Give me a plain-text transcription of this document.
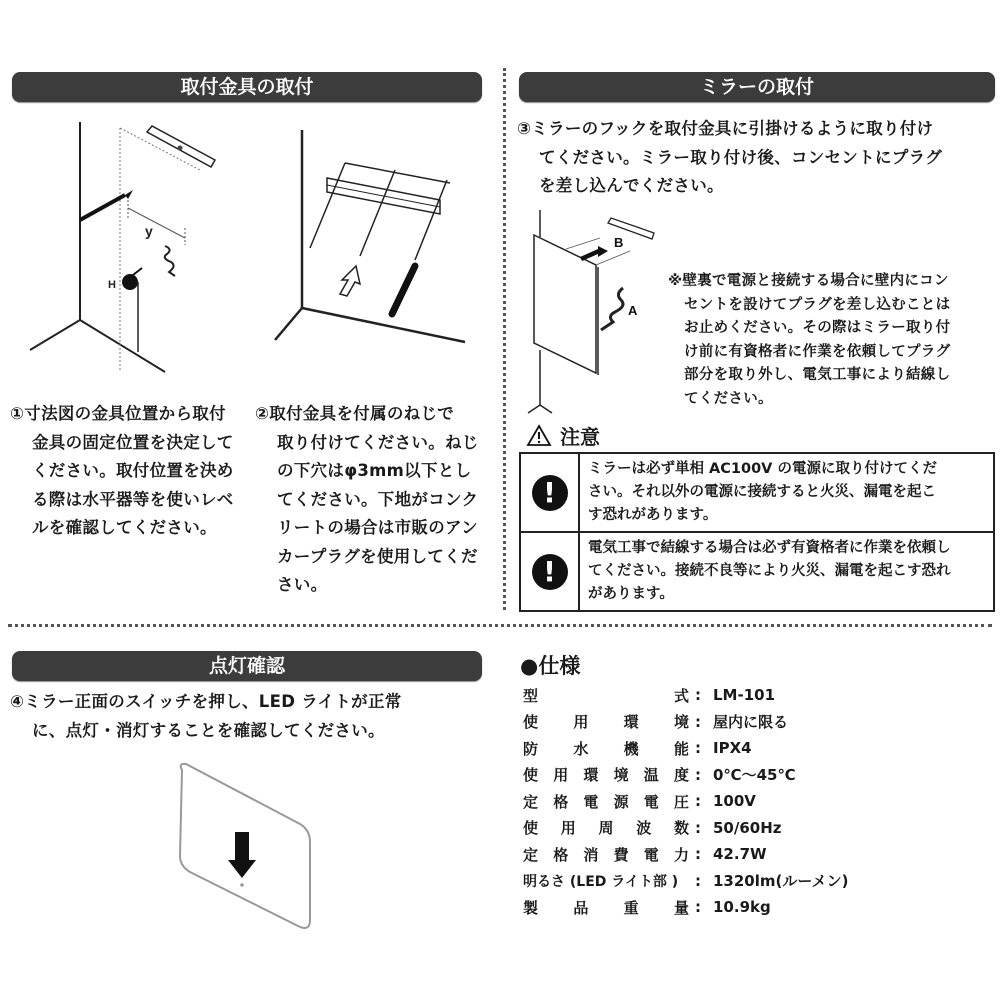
取付金具の取付	ミラーの取付
点灯確認
y
H
①寸法図の金具位置から取付
金具の固定位置を決定して
ください。取付位置を決め
る際は水平器等を使いレベ
ルを確認してください。
②取付金具を付属のねじで
取り付けてください。ねじ
の下穴はφ3mm以下とし
てください。下地がコンク
リートの場合は市販のアン
カープラグを使用してくだ
さい。
③ミラーのフックを取付金具に引掛けるように取り付け
てください。ミラー取り付け後、コンセントにプラグ
を差し込んでください。
B
A
※壁裏で電源と接続する場合に壁内にコン
セントを設けてプラグを差し込むことは
お止めください。その際はミラー取り付
け前に有資格者に作業を依頼してプラグ
部分を取り外し、電気工事により結線し
てください。
注意
!	ミラーは必ず単相 AC100V の電源に取り付けてくだ
さい。それ以外の電源に接続すると火災、漏電を起こ
す恐れがあります。

!	電気工事で結線する場合は必ず有資格者に作業を依頼し
てください。接続不良等により火災、漏電を起こす恐れ
があります。
④ミラー正面のスイッチを押し、LED ライトが正常
に、点灯・消灯することを確認してください。
●仕様
型	式 : LM-101
使 用 環 境 : 屋内に限る
防 水 機 能 : IPX4
使 用 環 境 温 度 : 0℃～45℃
定 格 電 源 電 圧 : 100V
使 用 周 波 数 : 50/60Hz
定 格 消 費 電 力 : 42.7W
明るさ (LED ライト部 ) : 1320lm(ルーメン)
製 品 重 量 : 10.9kg
